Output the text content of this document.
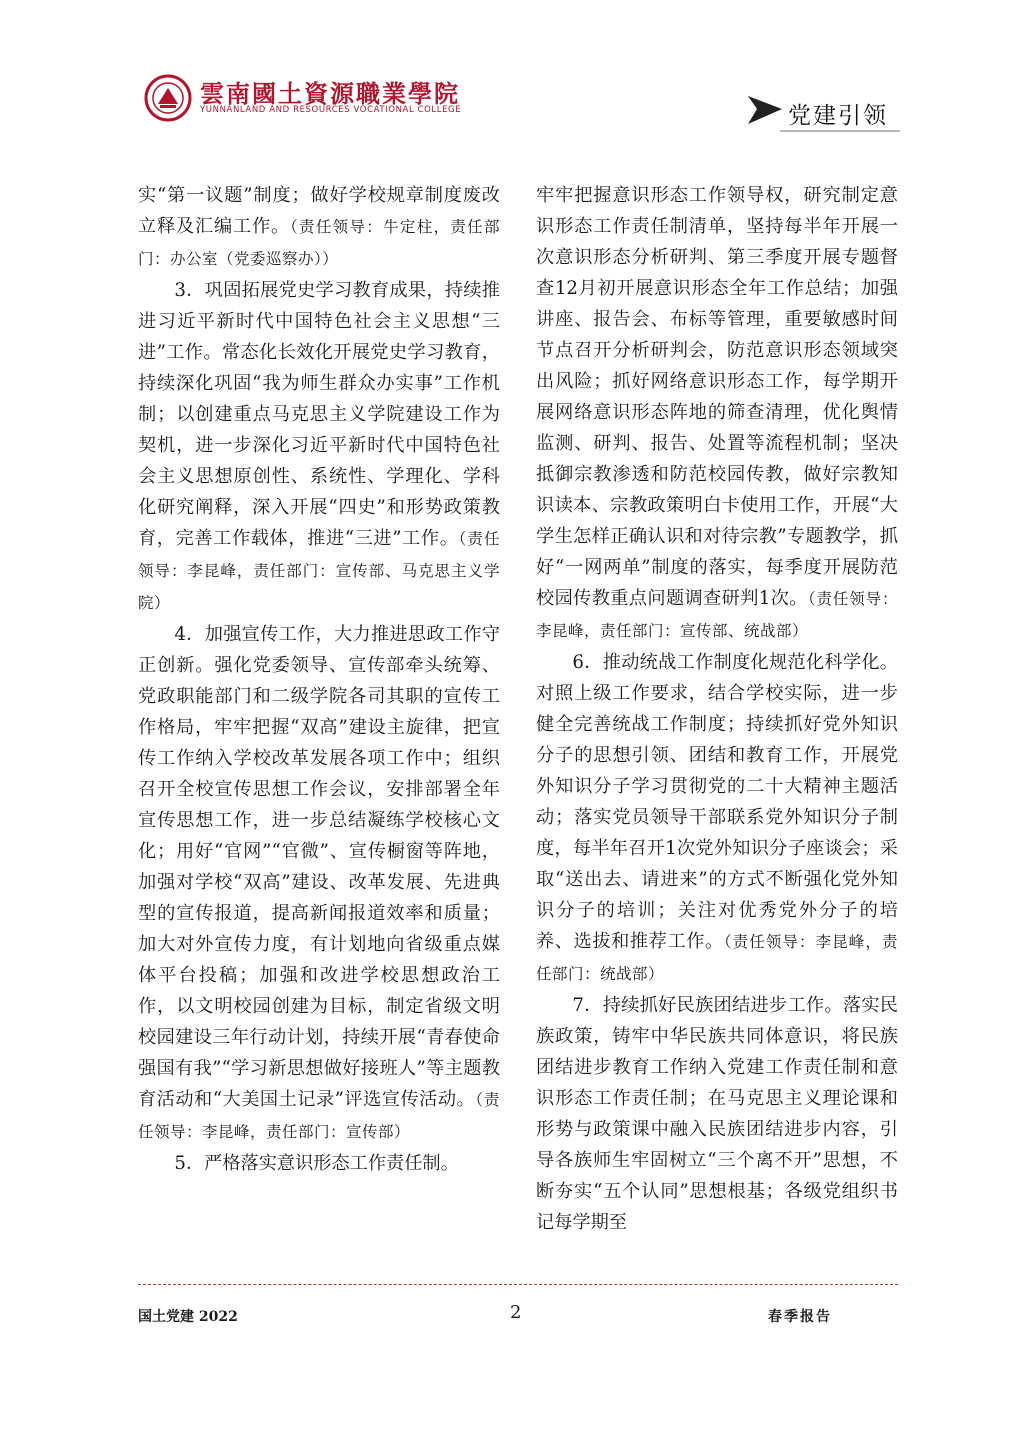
雲南國土資源職業學院
YUNNANLAND AND RESOURCES VOCATIONAL COLLEGE	党建引领

实“第一议题”制度；做好学校规章制度废改立释及汇编工作。（责任领导：牛定柱，责任部门：办公室（党委巡察办））

3．巩固拓展党史学习教育成果，持续推进习近平新时代中国特色社会主义思想“三进”工作。常态化长效化开展党史学习教育，持续深化巩固“我为师生群众办实事”工作机制；以创建重点马克思主义学院建设工作为契机，进一步深化习近平新时代中国特色社会主义思想原创性、系统性、学理化、学科化研究阐释，深入开展“四史”和形势政策教育，完善工作载体，推进“三进”工作。（责任领导：李昆峰，责任部门：宣传部、马克思主义学院）

4．加强宣传工作，大力推进思政工作守正创新。强化党委领导、宣传部牵头统筹、党政职能部门和二级学院各司其职的宣传工作格局，牢牢把握“双高”建设主旋律，把宣传工作纳入学校改革发展各项工作中；组织召开全校宣传思想工作会议，安排部署全年宣传思想工作，进一步总结凝练学校核心文化；用好“官网”“官微”、宣传橱窗等阵地，加强对学校“双高”建设、改革发展、先进典型的宣传报道，提高新闻报道效率和质量；加大对外宣传力度，有计划地向省级重点媒体平台投稿；加强和改进学校思想政治工作，以文明校园创建为目标，制定省级文明校园建设三年行动计划，持续开展“青春使命强国有我”“学习新思想做好接班人”等主题教育活动和“大美国土记录”评选宣传活动。（责任领导：李昆峰，责任部门：宣传部）

5．严格落实意识形态工作责任制。

牢牢把握意识形态工作领导权，研究制定意识形态工作责任制清单，坚持每半年开展一次意识形态分析研判、第三季度开展专题督查12月初开展意识形态全年工作总结；加强讲座、报告会、布标等管理，重要敏感时间节点召开分析研判会，防范意识形态领域突出风险；抓好网络意识形态工作，每学期开展网络意识形态阵地的筛查清理，优化舆情监测、研判、报告、处置等流程机制；坚决抵御宗教渗透和防范校园传教，做好宗教知识读本、宗教政策明白卡使用工作，开展“大学生怎样正确认识和对待宗教”专题教学，抓好“一网两单”制度的落实，每季度开展防范校园传教重点问题调查研判1次。（责任领导：李昆峰，责任部门：宣传部、统战部）

6．推动统战工作制度化规范化科学化。对照上级工作要求，结合学校实际，进一步健全完善统战工作制度；持续抓好党外知识分子的思想引领、团结和教育工作，开展党外知识分子学习贯彻党的二十大精神主题活动；落实党员领导干部联系党外知识分子制度，每半年召开1次党外知识分子座谈会；采取“送出去、请进来”的方式不断强化党外知识分子的培训；关注对优秀党外分子的培养、选拔和推荐工作。（责任领导：李昆峰，责任部门：统战部）

7．持续抓好民族团结进步工作。落实民族政策，铸牢中华民族共同体意识，将民族团结进步教育工作纳入党建工作责任制和意识形态工作责任制；在马克思主义理论课和形势与政策课中融入民族团结进步内容，引导各族师生牢固树立“三个离不开”思想，不断夯实“五个认同”思想根基；各级党组织书记每学期至

国土党建 2022	2	春季报告
